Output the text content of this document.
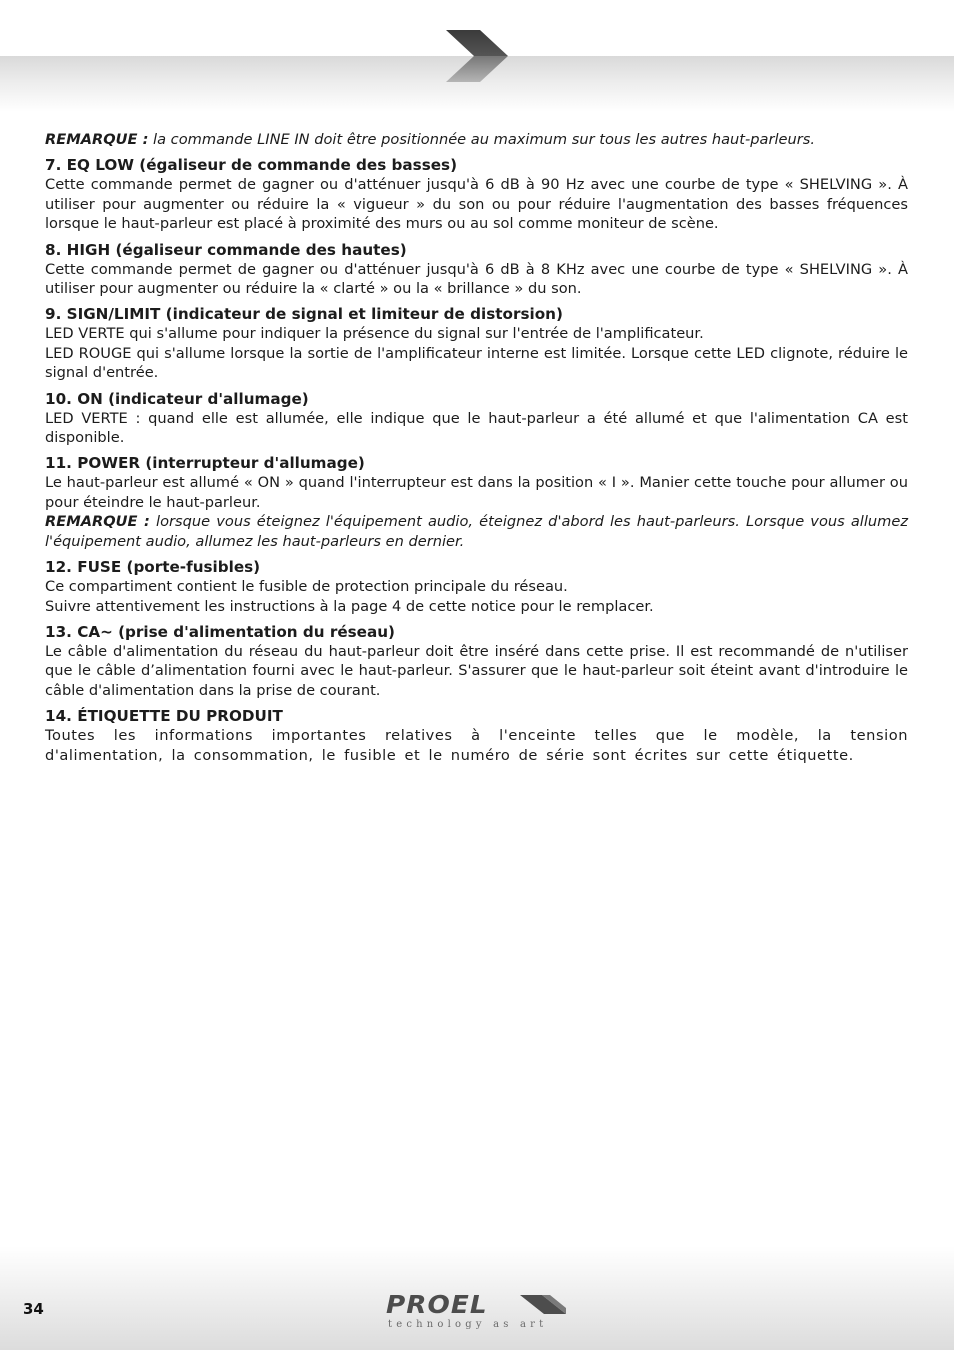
REMARQUE : la commande LINE IN doit être positionnée au maximum sur tous les autres haut-parleurs.

7. EQ LOW (égaliseur de commande des basses)

Cette commande permet de gagner ou d'atténuer jusqu'à 6 dB à 90 Hz avec une courbe de type « SHELVING ». À utiliser pour augmenter ou réduire la « vigueur » du son ou pour réduire l'augmentation des basses fréquences lorsque le haut-parleur est placé à proximité des murs ou au sol comme moniteur de scène.

8. HIGH (égaliseur commande des hautes)

Cette commande permet de gagner ou d'atténuer jusqu'à 6 dB à 8 KHz avec une courbe de type « SHELVING ». À utiliser pour augmenter ou réduire la « clarté » ou la « brillance » du son.

9. SIGN/LIMIT (indicateur de signal et limiteur de distorsion)

LED VERTE qui s'allume pour indiquer la présence du signal sur l'entrée de l'amplificateur.

LED ROUGE qui s'allume lorsque la sortie de l'amplificateur interne est limitée. Lorsque cette LED clignote, réduire le signal d'entrée.

10. ON (indicateur d'allumage)

LED VERTE : quand elle est allumée, elle indique que le haut-parleur a été allumé et que l'alimentation CA est disponible.

11. POWER (interrupteur d'allumage)

Le haut-parleur est allumé « ON » quand l'interrupteur est dans la position « I ». Manier cette touche pour allumer ou pour éteindre le haut-parleur.

REMARQUE : lorsque vous éteignez l'équipement audio, éteignez d'abord les haut-parleurs. Lorsque vous allumez l'équipement audio, allumez les haut-parleurs en dernier.

12. FUSE (porte-fusibles)

Ce compartiment contient le fusible de protection principale du réseau.

Suivre attentivement les instructions à la page 4 de cette notice pour le remplacer.

13. CA~ (prise d'alimentation du réseau)

Le câble d'alimentation du réseau du haut-parleur doit être inséré dans cette prise. Il est recommandé de n'utiliser que le câble d’alimentation fourni avec le haut-parleur. S'assurer que le haut-parleur soit éteint avant d'introduire le câble d'alimentation dans la prise de courant.

14. ÉTIQUETTE DU PRODUIT

Toutes les informations importantes relatives à l'enceinte telles que le modèle, la tension d'alimentation, la consommation, le fusible et le numéro de série sont écrites sur cette étiquette.

34	PROEL
technology as art
